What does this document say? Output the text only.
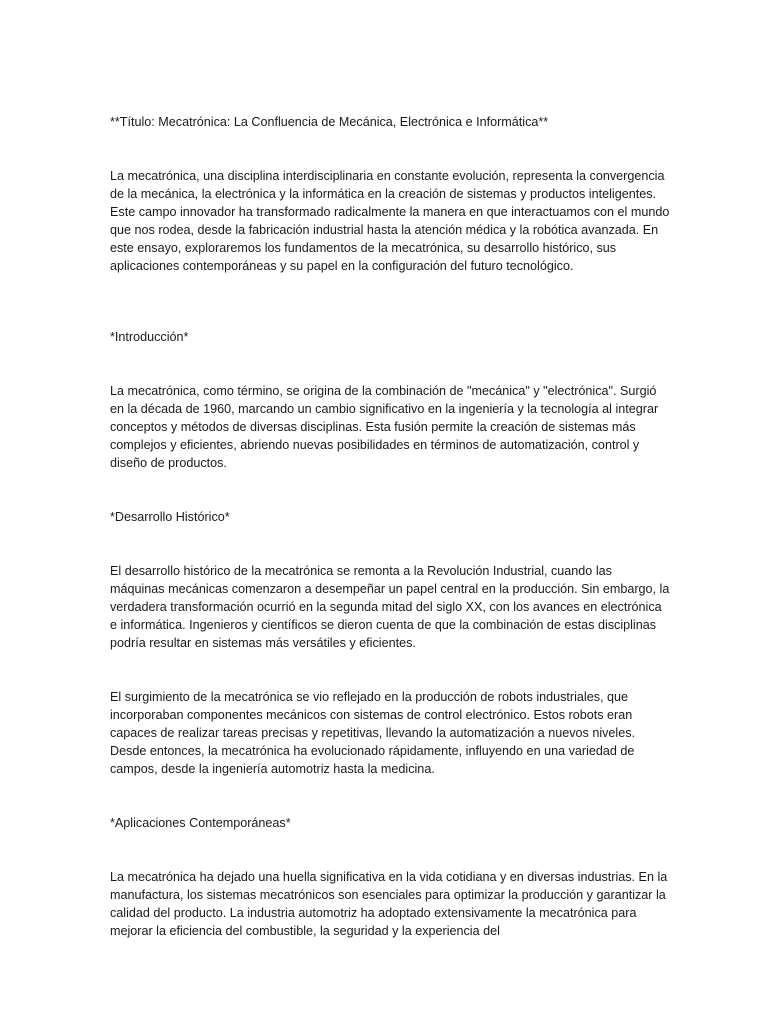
**Título: Mecatrónica: La Confluencia de Mecánica, Electrónica e Informática**

La mecatrónica, una disciplina interdisciplinaria en constante evolución, representa la convergencia de la mecánica, la electrónica y la informática en la creación de sistemas y productos inteligentes. Este campo innovador ha transformado radicalmente la manera en que interactuamos con el mundo que nos rodea, desde la fabricación industrial hasta la atención médica y la robótica avanzada. En este ensayo, exploraremos los fundamentos de la mecatrónica, su desarrollo histórico, sus aplicaciones contemporáneas y su papel en la configuración del futuro tecnológico.

*Introducción*

La mecatrónica, como término, se origina de la combinación de "mecánica" y "electrónica". Surgió en la década de 1960, marcando un cambio significativo en la ingeniería y la tecnología al integrar conceptos y métodos de diversas disciplinas. Esta fusión permite la creación de sistemas más complejos y eficientes, abriendo nuevas posibilidades en términos de automatización, control y diseño de productos.

*Desarrollo Histórico*

El desarrollo histórico de la mecatrónica se remonta a la Revolución Industrial, cuando las máquinas mecánicas comenzaron a desempeñar un papel central en la producción. Sin embargo, la verdadera transformación ocurrió en la segunda mitad del siglo XX, con los avances en electrónica e informática. Ingenieros y científicos se dieron cuenta de que la combinación de estas disciplinas podría resultar en sistemas más versátiles y eficientes.

El surgimiento de la mecatrónica se vio reflejado en la producción de robots industriales, que incorporaban componentes mecánicos con sistemas de control electrónico. Estos robots eran capaces de realizar tareas precisas y repetitivas, llevando la automatización a nuevos niveles. Desde entonces, la mecatrónica ha evolucionado rápidamente, influyendo en una variedad de campos, desde la ingeniería automotriz hasta la medicina.

*Aplicaciones Contemporáneas*

La mecatrónica ha dejado una huella significativa en la vida cotidiana y en diversas industrias. En la manufactura, los sistemas mecatrónicos son esenciales para optimizar la producción y garantizar la calidad del producto. La industria automotriz ha adoptado extensivamente la mecatrónica para mejorar la eficiencia del combustible, la seguridad y la experiencia del
